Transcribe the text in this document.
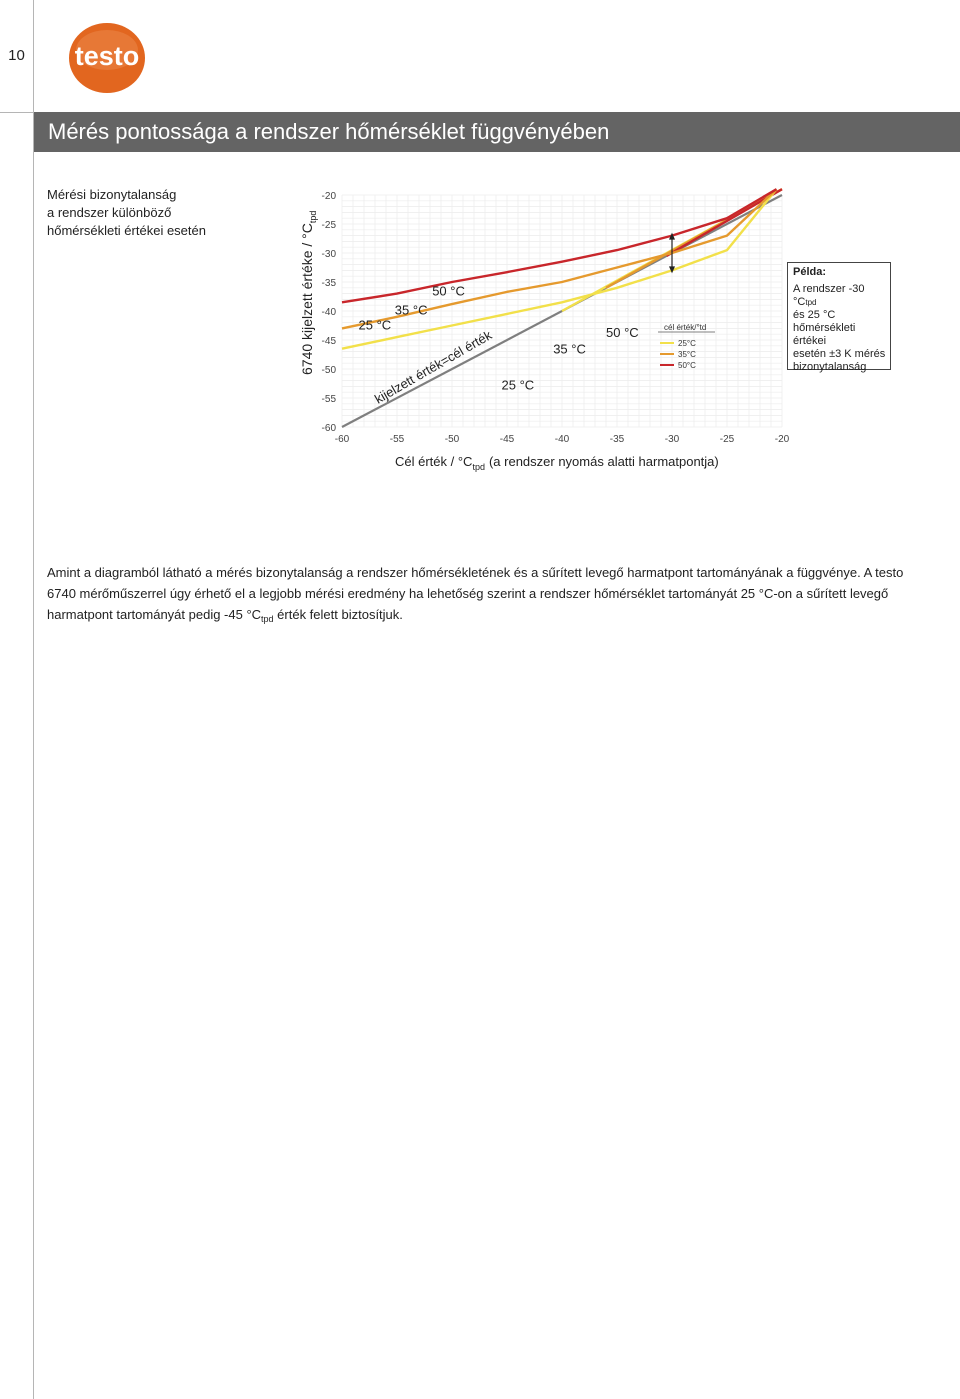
10	testo
Mérés pontossága a rendszer hőmérséklet függvényében
Mérési bizonytalanság
a rendszer különböző
hőmérsékleti értékei esetén
-60	-55	-50	-45	-40	-35	-30	-25	-20
-60
-55
-50
-45
-40
-35
-30
-25
-20
50 °C
35 °C
25 °C
50 °C
35 °C
25 °C
6740 kijelzett értéke / $^\circ C_{tpd}$
Cél érték / $^\circ C_{tpd}$ (a rendszer nyomás alatti harmatpontja)
kijelzett érték=cél érték	cél érték/°td
25°C
35°C
50°C
Példa:
A rendszer -30 °Ctpd
és 25 °C
hőmérsékleti értékei
esetén ±3 K mérés
bizonytalanság
Amint a diagramból látható a mérés bizonytalanság a rendszer hőmérsékletének és a sűrített levegő harmatpont tartományának a függvénye. A testo 6740 mérőműszerrel úgy érhető el a legjobb mérési eredmény ha lehetőség szerint a rendszer hőmérséklet tartományát 25 °C-on a sűrített levegő harmatpont tartományát pedig -45 $^\circ C_{tpd}$ érték felett biztosítjuk.
